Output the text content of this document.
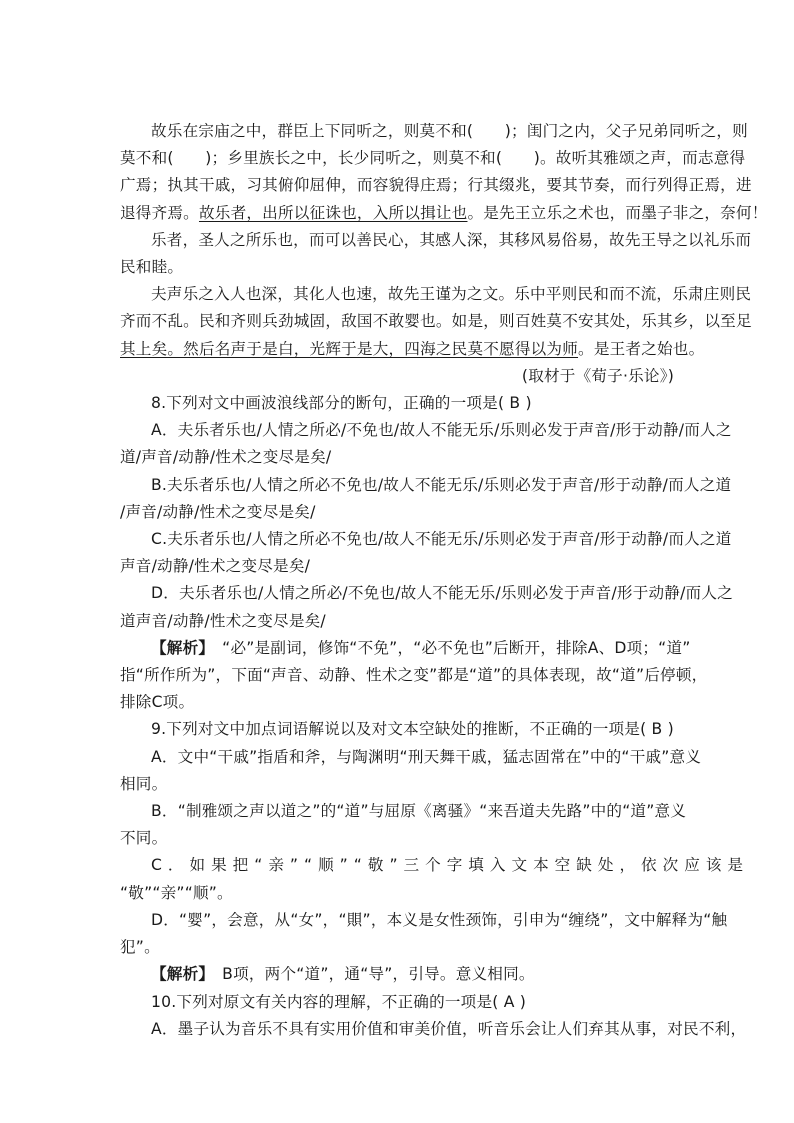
故乐在宗庙之中，群臣上下同听之，则莫不和(　　)；闺门之内，父子兄弟同听之，则

莫不和(　　)；乡里族长之中，长少同听之，则莫不和(　　)。故听其雅颂之声，而志意得

广焉；执其干戚，习其俯仰屈伸，而容貌得庄焉；行其缀兆，要其节奏，而行列得正焉，进

退得齐焉。故乐者，出所以征诛也，入所以揖让也。是先王立乐之术也，而墨子非之，奈何！

乐者，圣人之所乐也，而可以善民心，其感人深，其移风易俗易，故先王导之以礼乐而

民和睦。

夫声乐之入人也深，其化人也速，故先王谨为之文。乐中平则民和而不流，乐肃庄则民

齐而不乱。民和齐则兵劲城固，敌国不敢婴也。如是，则百姓莫不安其处，乐其乡，以至足

其上矣。然后名声于是白，光辉于是大，四海之民莫不愿得以为师。是王者之始也。

(取材于《荀子·乐论》)

8.下列对文中画波浪线部分的断句，正确的一项是( B )

A．夫乐者乐也/人情之所必/不免也/故人不能无乐/乐则必发于声音/形于动静/而人之

道/声音/动静/性术之变尽是矣/

B.夫乐者乐也/人情之所必不免也/故人不能无乐/乐则必发于声音/形于动静/而人之道

/声音/动静/性术之变尽是矣/

C.夫乐者乐也/人情之所必不免也/故人不能无乐/乐则必发于声音/形于动静/而人之道

声音/动静/性术之变尽是矣/

D．夫乐者乐也/人情之所必/不免也/故人不能无乐/乐则必发于声音/形于动静/而人之

道声音/动静/性术之变尽是矣/

【解析】　“必”是副词，修饰“不免”，“必不免也”后断开，排除A、D项；“道”

指“所作所为”，下面“声音、动静、性术之变”都是“道”的具体表现，故“道”后停顿，

排除C项。

9.下列对文中加点词语解说以及对文本空缺处的推断，不正确的一项是( B )

A．文中“干戚”指盾和斧，与陶渊明“刑天舞干戚，猛志固常在”中的“干戚”意义

相同。

B．“制雅颂之声以道之”的“道”与屈原《离骚》“来吾道夫先路”中的“道”意义

不同。

C．如果把“亲”“顺”“敬”三个字填入文本空缺处，依次应该是

“敬”“亲”“顺”。

D．“婴”，会意，从“女”，“賏”，本义是女性颈饰，引申为“缠绕”，文中解释为“触

犯”。

【解析】　B项，两个“道”，通“导”，引导。意义相同。

10.下列对原文有关内容的理解，不正确的一项是( A )

A．墨子认为音乐不具有实用价值和审美价值，听音乐会让人们弃其从事，对民不利，
